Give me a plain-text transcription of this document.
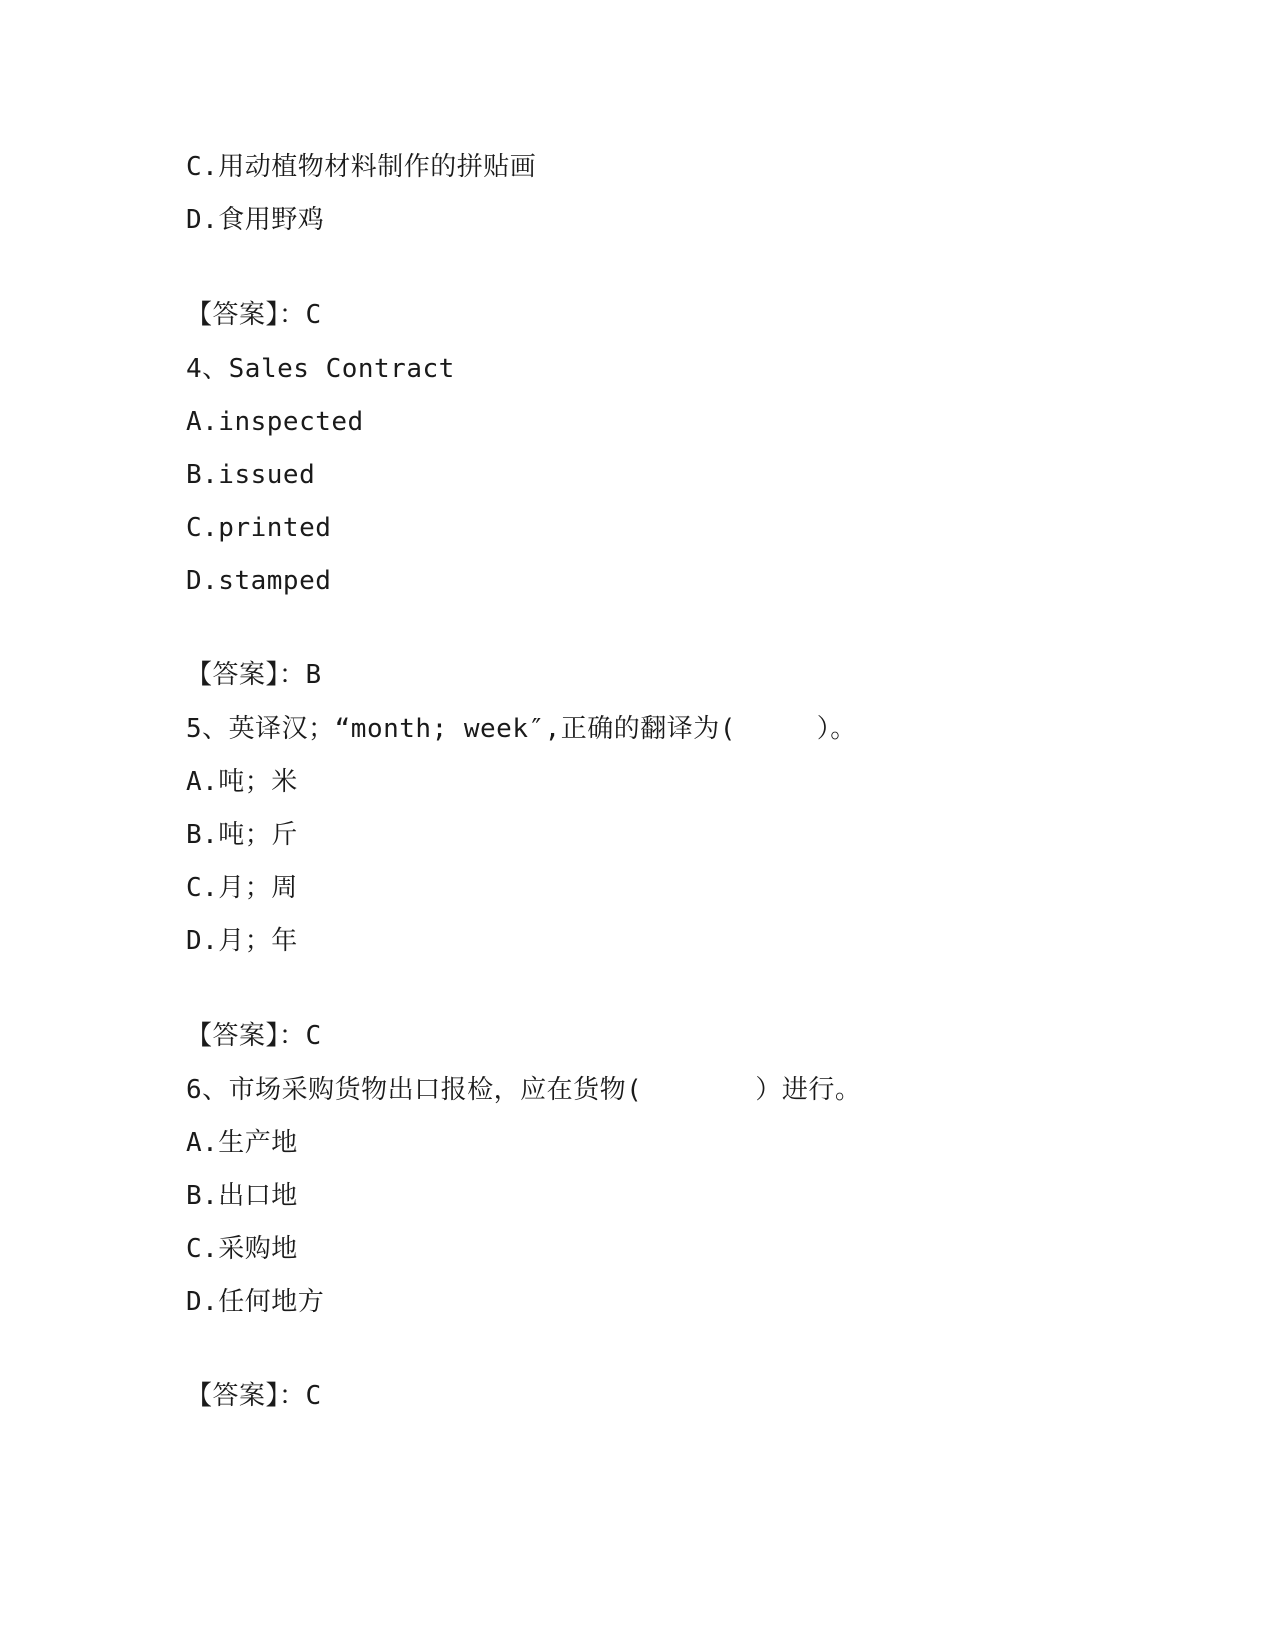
C.用动植物材料制作的拼贴画
D.食用野鸡
【答案】：C
4、Sales Contract
A.inspected
B.issued
C.printed
D.stamped
【答案】：B
5、英译汉；“month; week″,正确的翻译为(     ）。
A.吨；米
B.吨；斤
C.月；周
D.月；年
【答案】：C
6、市场采购货物出口报检，应在货物(       ）进行。
A.生产地
B.出口地
C.采购地
D.任何地方
【答案】：C
